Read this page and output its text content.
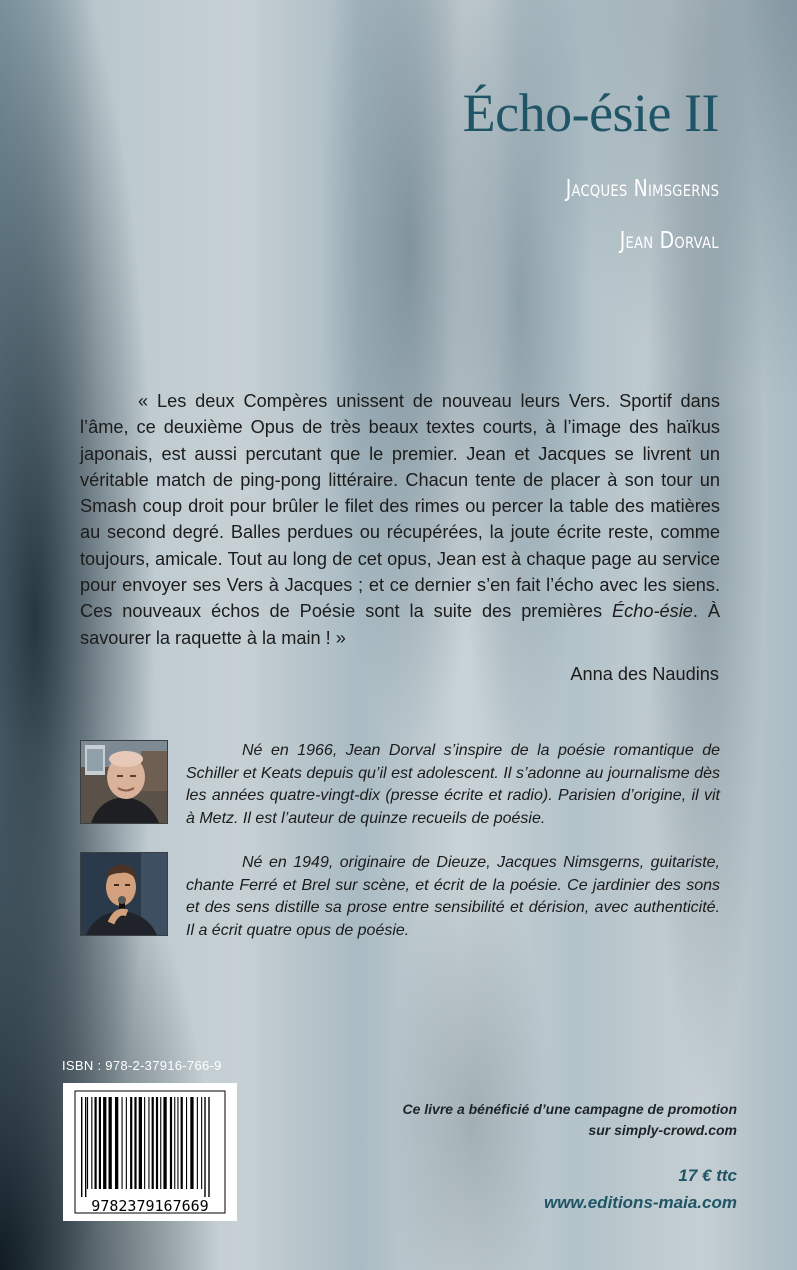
Écho-ésie II
Jacques Nimsgerns
Jean Dorval

« Les deux Compères unissent de nouveau leurs Vers. Sportif dans l’âme, ce deuxième Opus de très beaux textes courts, à l’image des haïkus japonais, est aussi percutant que le premier. Jean et Jacques se livrent un véritable match de ping-pong littéraire. Chacun tente de placer à son tour un Smash coup droit pour brûler le filet des rimes ou percer la table des matières au second degré. Balles perdues ou récupérées, la joute écrite reste, comme toujours, amicale. Tout au long de cet opus, Jean est à chaque page au service pour envoyer ses Vers à Jacques ; et ce dernier s’en fait l’écho avec les siens. Ces nouveaux échos de Poésie sont la suite des premières Écho-ésie. À savourer la raquette à la main ! »

Anna des Naudins

Né en 1966, Jean Dorval s’inspire de la poésie romantique de Schiller et Keats depuis qu’il est adolescent. Il s’adonne au journalisme dès les années quatre-vingt-dix (presse écrite et radio). Parisien d’origine, il vit à Metz. Il est l’auteur de quinze recueils de poésie.

Né en 1949, originaire de Dieuze, Jacques Nimsgerns, guitariste, chante Ferré et Brel sur scène, et écrit de la poésie. Ce jardinier des sons et des sens distille sa prose entre sensibilité et dérision, avec authenticité. Il a écrit quatre opus de poésie.

ISBN : 978-2-37916-766-9
9782379167669
Ce livre a bénéficié d’une campagne de promotion
sur simply-crowd.com
17 € ttc
www.editions-maia.com
